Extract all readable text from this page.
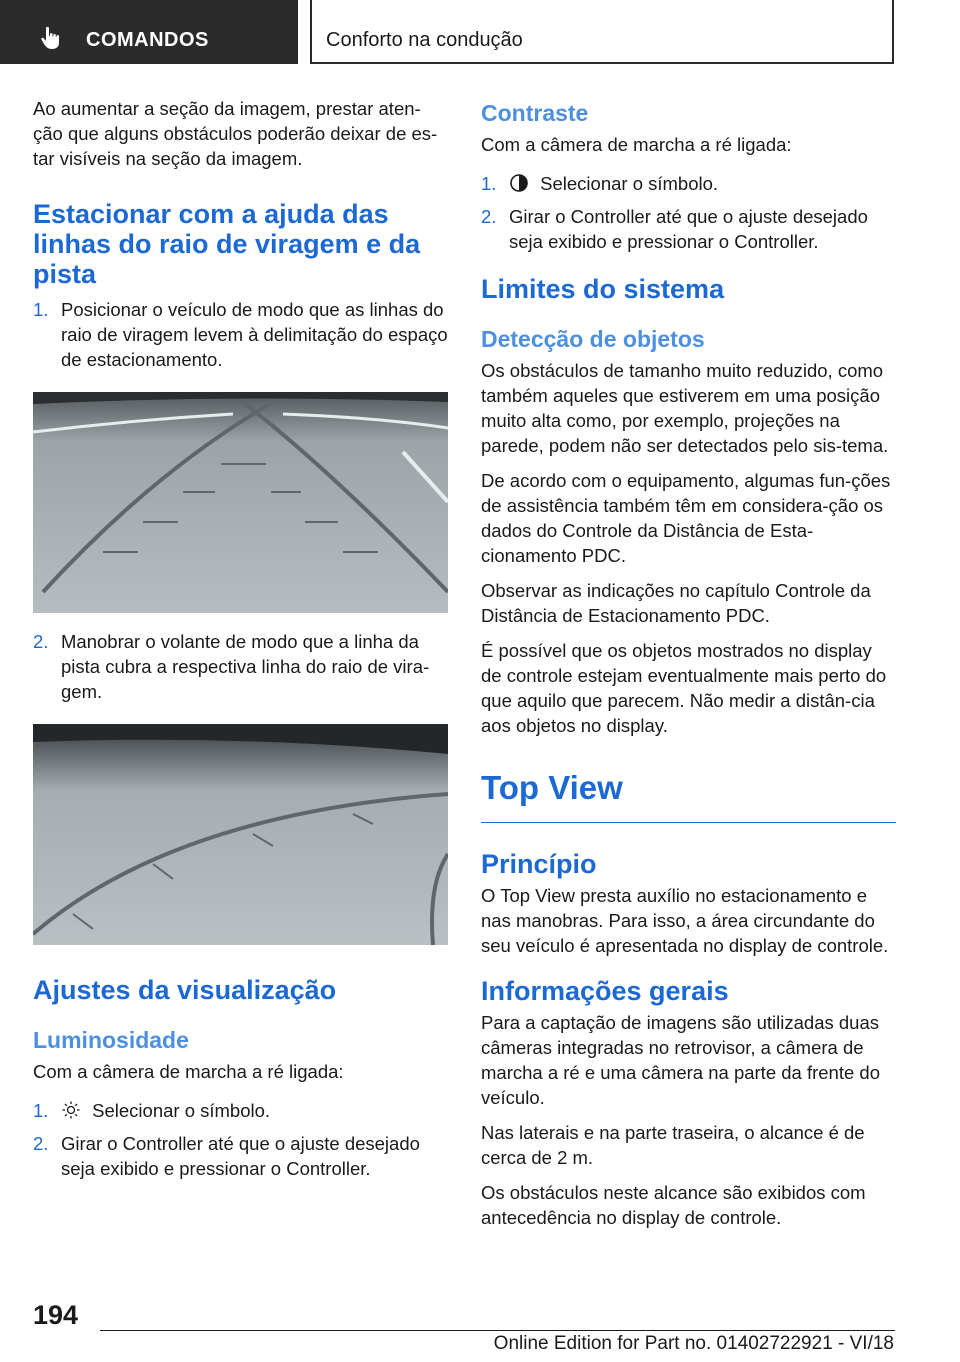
COMANDOS	Conforto na condução

Ao aumentar a seção da imagem, prestar aten-ção que alguns obstáculos poderão deixar de es-tar visíveis na seção da imagem.

Estacionar com a ajuda das linhas do raio de viragem e da pista
1. Posicionar o veículo de modo que as linhas do raio de viragem levem à delimitação do espaço de estacionamento.
2. Manobrar o volante de modo que a linha da pista cubra a respectiva linha do raio de vira-gem.
Ajustes da visualização
Luminosidade

Com a câmera de marcha a ré ligada:

1. Selecionar o símbolo.
2. Girar o Controller até que o ajuste desejado seja exibido e pressionar o Controller.
Contraste

Com a câmera de marcha a ré ligada:

1. Selecionar o símbolo.
2. Girar o Controller até que o ajuste desejado seja exibido e pressionar o Controller.
Limites do sistema
Detecção de objetos

Os obstáculos de tamanho muito reduzido, como também aqueles que estiverem em uma posição muito alta como, por exemplo, projeções na parede, podem não ser detectados pelo sis-tema.

De acordo com o equipamento, algumas fun-ções de assistência também têm em considera-ção os dados do Controle da Distância de Esta-cionamento PDC.

Observar as indicações no capítulo Controle da Distância de Estacionamento PDC.

É possível que os objetos mostrados no display de controle estejam eventualmente mais perto do que aquilo que parecem. Não medir a distân-cia aos objetos no display.

Top View
Princípio

O Top View presta auxílio no estacionamento e nas manobras. Para isso, a área circundante do seu veículo é apresentada no display de controle.

Informações gerais

Para a captação de imagens são utilizadas duas câmeras integradas no retrovisor, a câmera de marcha a ré e uma câmera na parte da frente do veículo.

Nas laterais e na parte traseira, o alcance é de cerca de 2 m.

Os obstáculos neste alcance são exibidos com antecedência no display de controle.

194
Online Edition for Part no. 01402722921 - VI/18
